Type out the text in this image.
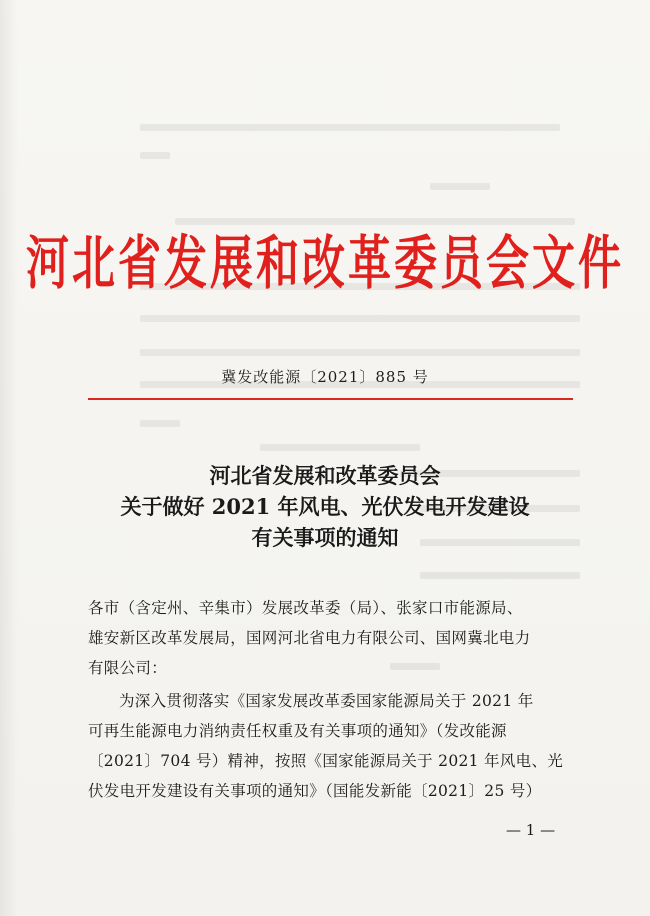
河北省发展和改革委员会文件
冀发改能源〔2021〕885 号
河北省发展和改革委员会
关于做好 2021 年风电、光伏发电开发建设
有关事项的通知
各市（含定州、辛集市）发展改革委（局）、张家口市能源局、
雄安新区改革发展局，国网河北省电力有限公司、国网冀北电力
有限公司：
为深入贯彻落实《国家发展改革委国家能源局关于 2021 年
可再生能源电力消纳责任权重及有关事项的通知》（发改能源
〔2021〕704 号）精神，按照《国家能源局关于 2021 年风电、光
伏发电开发建设有关事项的通知》（国能发新能〔2021〕25 号）
— 1 —
